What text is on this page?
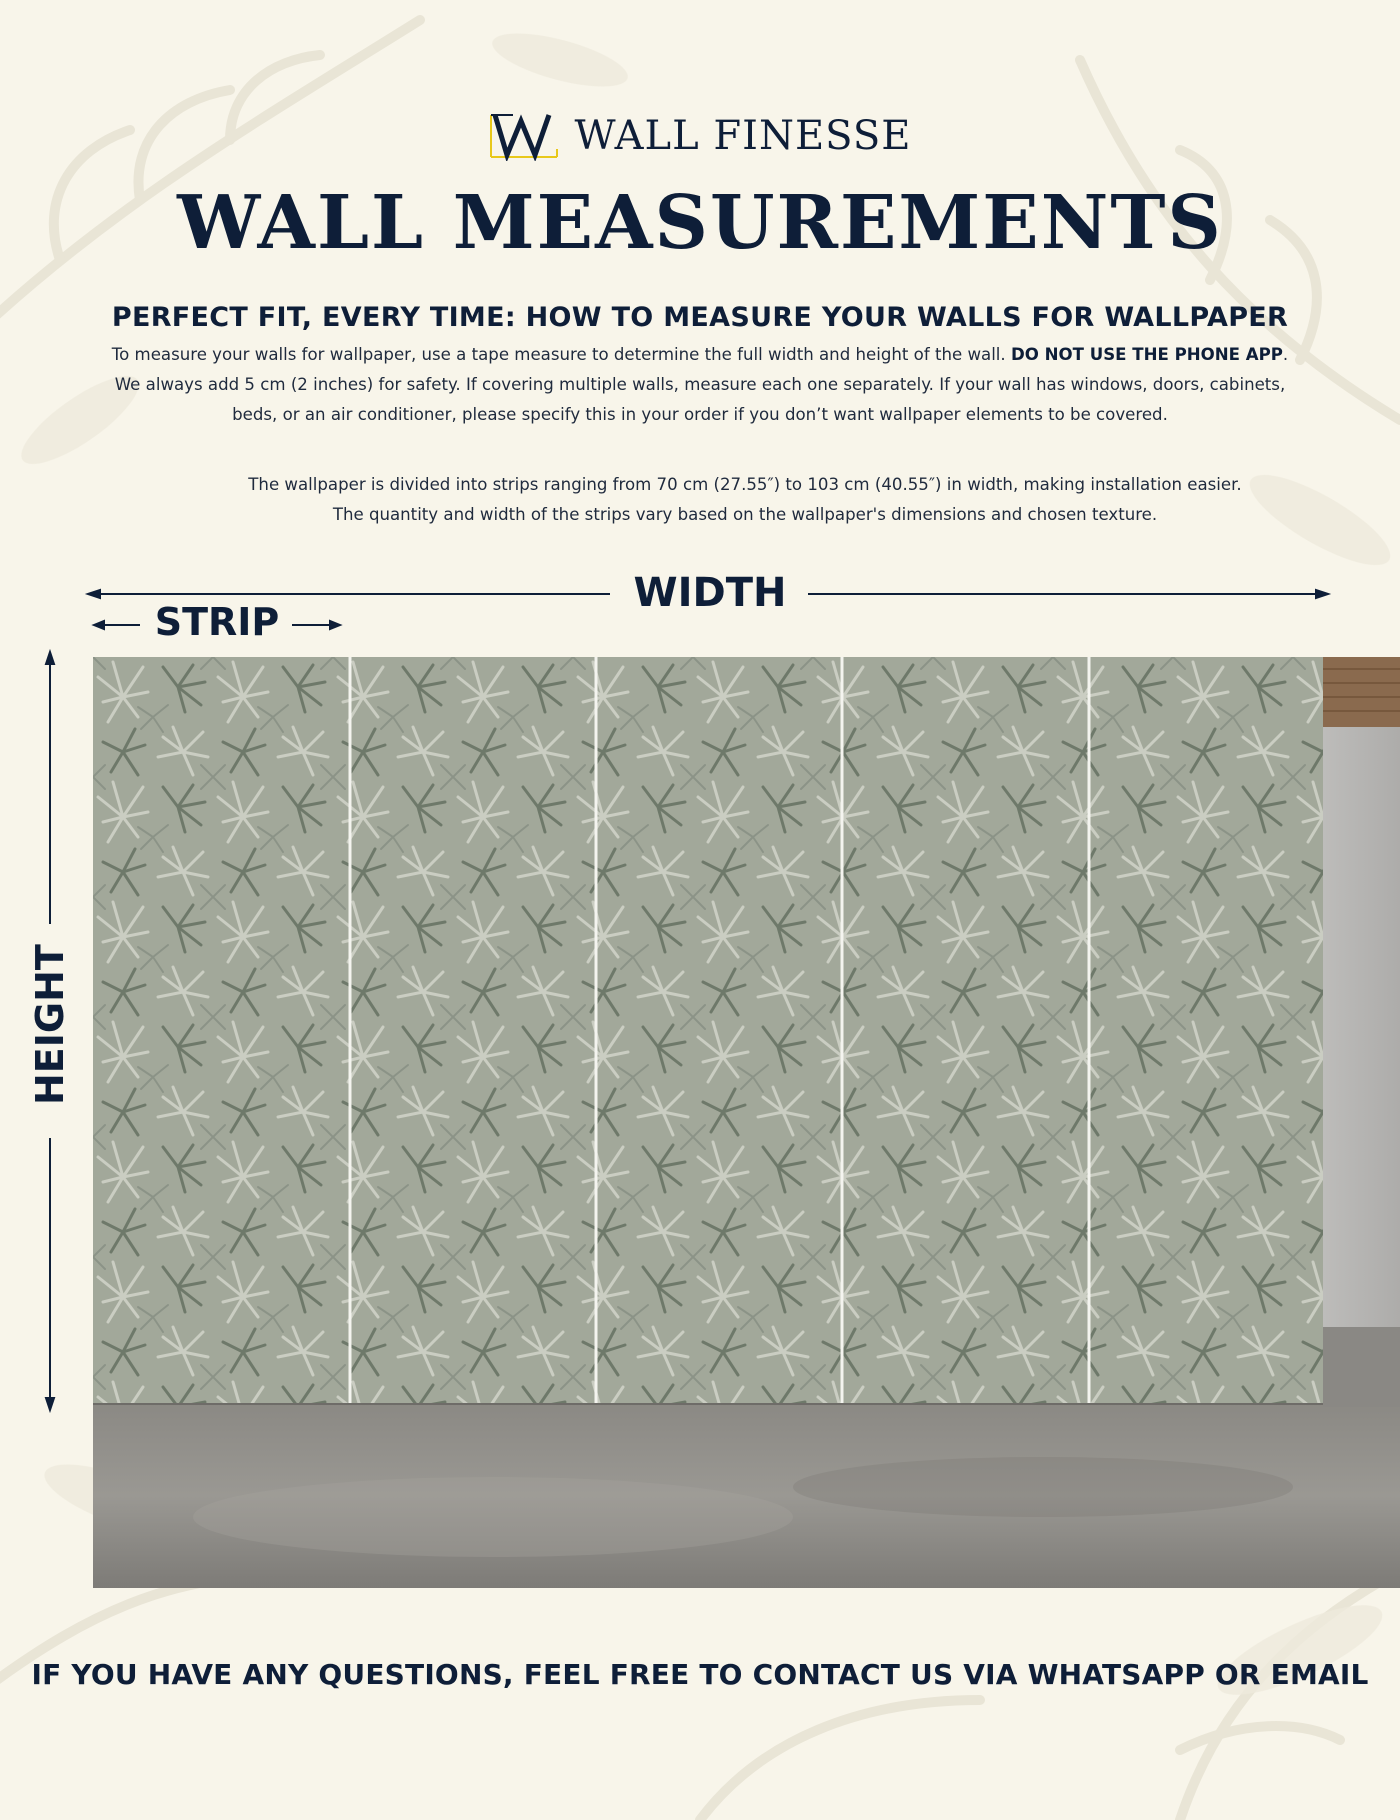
WALL FINESSE
WALL MEASUREMENTS
PERFECT FIT, EVERY TIME: HOW TO MEASURE YOUR WALLS FOR WALLPAPER
To measure your walls for wallpaper, use a tape measure to determine the full width and height of the wall. DO NOT USE THE PHONE APP.
We always add 5 cm (2 inches) for safety. If covering multiple walls, measure each one separately. If your wall has windows, doors, cabinets, beds, or an air conditioner, please specify this in your order if you don’t want wallpaper elements to be covered.
The wallpaper is divided into strips ranging from 70 cm (27.55″) to 103 cm (40.55″) in width, making installation easier.
The quantity and width of the strips vary based on the wallpaper's dimensions and chosen texture.
WIDTH
STRIP
HEIGHT
IF YOU HAVE ANY QUESTIONS, FEEL FREE TO CONTACT US VIA WHATSAPP OR EMAIL
